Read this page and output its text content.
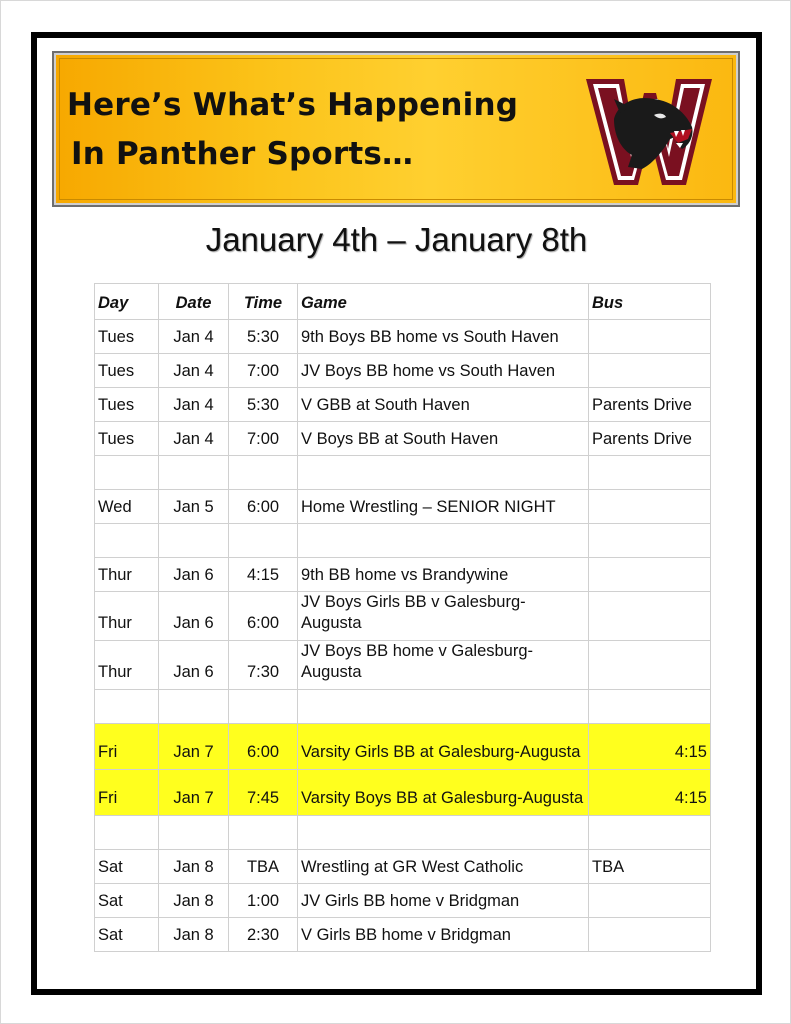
Here’s What’s Happening
In Panther Sports…
January 4th – January 8th
Day	Date	Time	Game	Bus
Tues	Jan 4	5:30	9th Boys BB home vs South Haven	
Tues	Jan 4	7:00	JV Boys BB home vs South Haven	
Tues	Jan 4	5:30	V GBB at South Haven	Parents Drive
Tues	Jan 4	7:00	V Boys BB at South Haven	Parents Drive

Wed	Jan 5	6:00	Home Wrestling – SENIOR NIGHT	

Thur	Jan 6	4:15	9th BB home vs Brandywine	
Thur	Jan 6	6:00	JV Boys Girls BB v Galesburg-Augusta	
Thur	Jan 6	7:30	JV Boys BB home v Galesburg-Augusta	

Fri	Jan 7	6:00	Varsity Girls BB at Galesburg-Augusta	4:15
Fri	Jan 7	7:45	Varsity Boys BB at Galesburg-Augusta	4:15

Sat	Jan 8	TBA	Wrestling at GR West Catholic	TBA
Sat	Jan 8	1:00	JV Girls BB home v Bridgman	
Sat	Jan 8	2:30	V Girls BB home v Bridgman	
